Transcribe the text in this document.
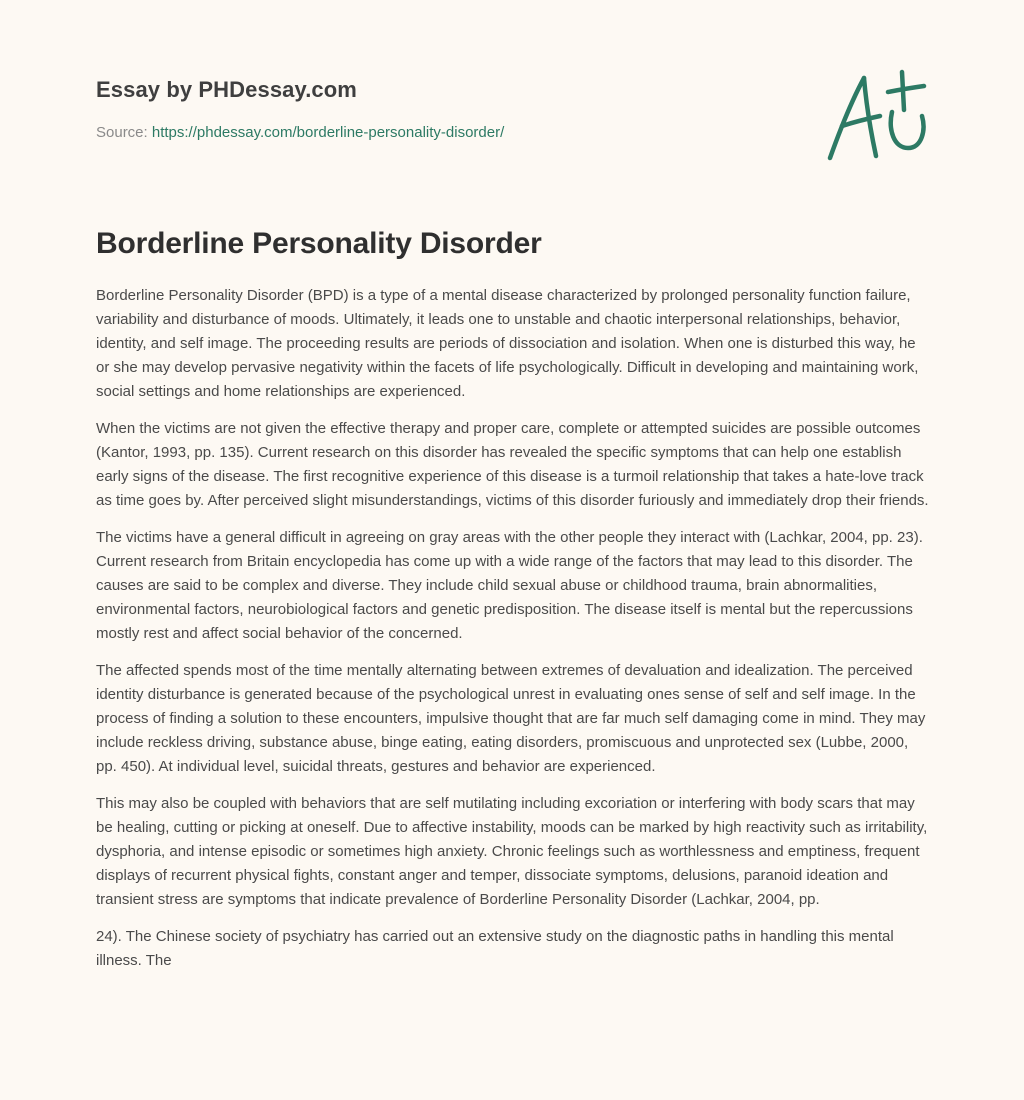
Essay by PHDessay.com
Source: https://phdessay.com/borderline-personality-disorder/
Borderline Personality Disorder

Borderline Personality Disorder (BPD) is a type of a mental disease characterized by prolonged personality function failure, variability and disturbance of moods. Ultimately, it leads one to unstable and chaotic interpersonal relationships, behavior, identity, and self image. The proceeding results are periods of dissociation and isolation. When one is disturbed this way, he or she may develop pervasive negativity within the facets of life psychologically. Difficult in developing and maintaining work, social settings and home relationships are experienced.

When the victims are not given the effective therapy and proper care, complete or attempted suicides are possible outcomes (Kantor, 1993, pp. 135). Current research on this disorder has revealed the specific symptoms that can help one establish early signs of the disease. The first recognitive experience of this disease is a turmoil relationship that takes a hate-love track as time goes by. After perceived slight misunderstandings, victims of this disorder furiously and immediately drop their friends.

The victims have a general difficult in agreeing on gray areas with the other people they interact with (Lachkar, 2004, pp. 23). Current research from Britain encyclopedia has come up with a wide range of the factors that may lead to this disorder. The causes are said to be complex and diverse. They include child sexual abuse or childhood trauma, brain abnormalities, environmental factors, neurobiological factors and genetic predisposition. The disease itself is mental but the repercussions mostly rest and affect social behavior of the concerned.

The affected spends most of the time mentally alternating between extremes of devaluation and idealization. The perceived identity disturbance is generated because of the psychological unrest in evaluating ones sense of self and self image. In the process of finding a solution to these encounters, impulsive thought that are far much self damaging come in mind. They may include reckless driving, substance abuse, binge eating, eating disorders, promiscuous and unprotected sex (Lubbe, 2000, pp. 450). At individual level, suicidal threats, gestures and behavior are experienced.

This may also be coupled with behaviors that are self mutilating including excoriation or interfering with body scars that may be healing, cutting or picking at oneself. Due to affective instability, moods can be marked by high reactivity such as irritability, dysphoria, and intense episodic or sometimes high anxiety. Chronic feelings such as worthlessness and emptiness, frequent displays of recurrent physical fights, constant anger and temper, dissociate symptoms, delusions, paranoid ideation and transient stress are symptoms that indicate prevalence of Borderline Personality Disorder (Lachkar, 2004, pp.

24). The Chinese society of psychiatry has carried out an extensive study on the diagnostic paths in handling this mental illness. The
